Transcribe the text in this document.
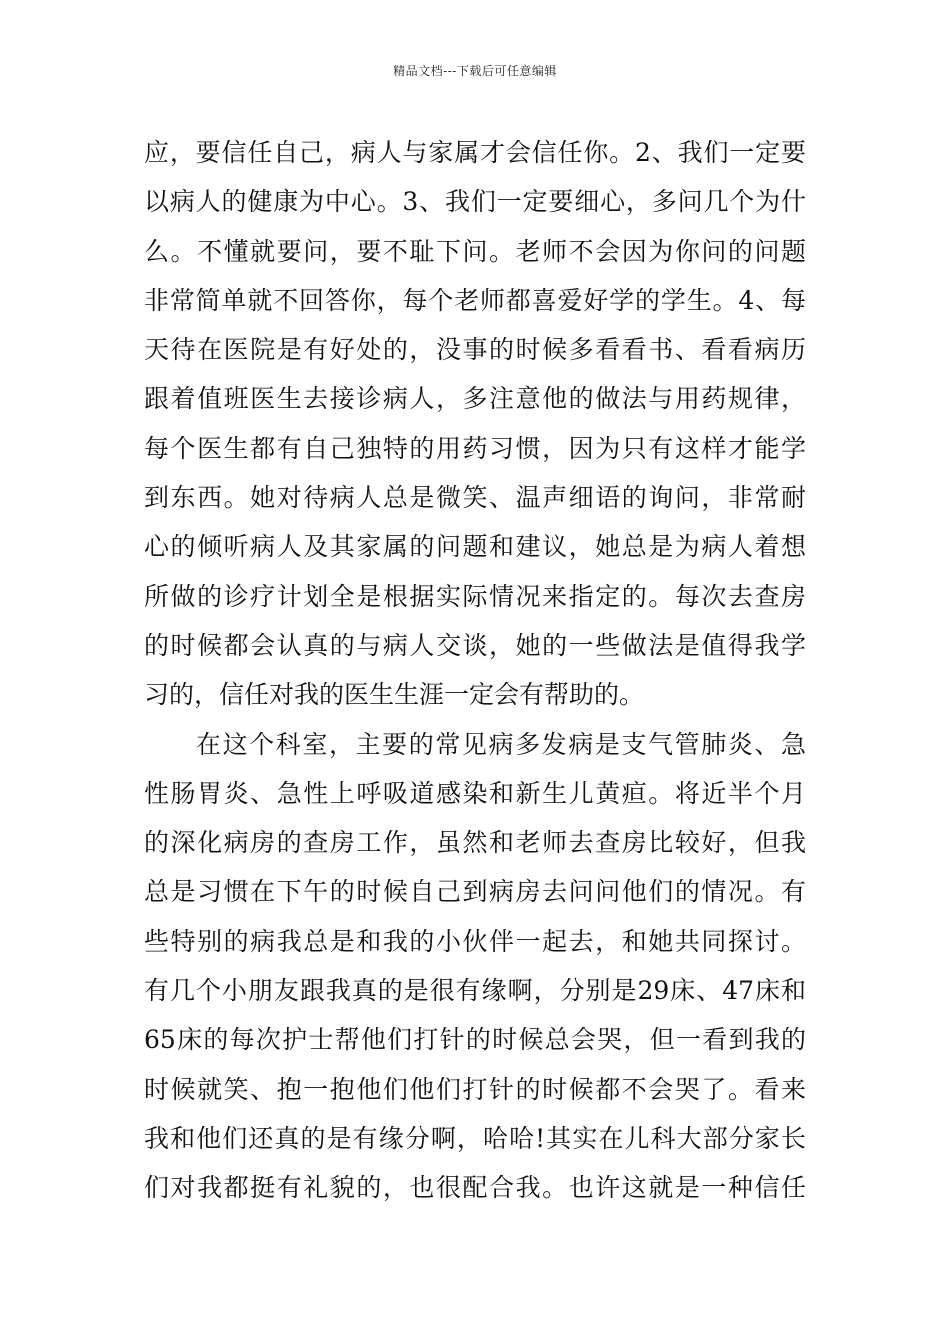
精品文档---下载后可任意编辑
应，要信任自己，病人与家属才会信任你。2、我们一定要
以病人的健康为中心。3、我们一定要细心，多问几个为什
么。不懂就要问，要不耻下问。老师不会因为你问的问题
非常简单就不回答你，每个老师都喜爱好学的学生。4、每
天待在医院是有好处的，没事的时候多看看书、看看病历
跟着值班医生去接诊病人，多注意他的做法与用药规律，
每个医生都有自己独特的用药习惯，因为只有这样才能学
到东西。她对待病人总是微笑、温声细语的询问，非常耐
心的倾听病人及其家属的问题和建议，她总是为病人着想
所做的诊疗计划全是根据实际情况来指定的。每次去查房
的时候都会认真的与病人交谈，她的一些做法是值得我学
习的，信任对我的医生生涯一定会有帮助的。
在这个科室，主要的常见病多发病是支气管肺炎、急
性肠胃炎、急性上呼吸道感染和新生儿黄疸。将近半个月
的深化病房的查房工作，虽然和老师去查房比较好，但我
总是习惯在下午的时候自己到病房去问问他们的情况。有
些特别的病我总是和我的小伙伴一起去，和她共同探讨。
有几个小朋友跟我真的是很有缘啊，分别是29床、47床和
65床的每次护士帮他们打针的时候总会哭，但一看到我的
时候就笑、抱一抱他们他们打针的时候都不会哭了。看来
我和他们还真的是有缘分啊，哈哈!其实在儿科大部分家长
们对我都挺有礼貌的，也很配合我。也许这就是一种信任
